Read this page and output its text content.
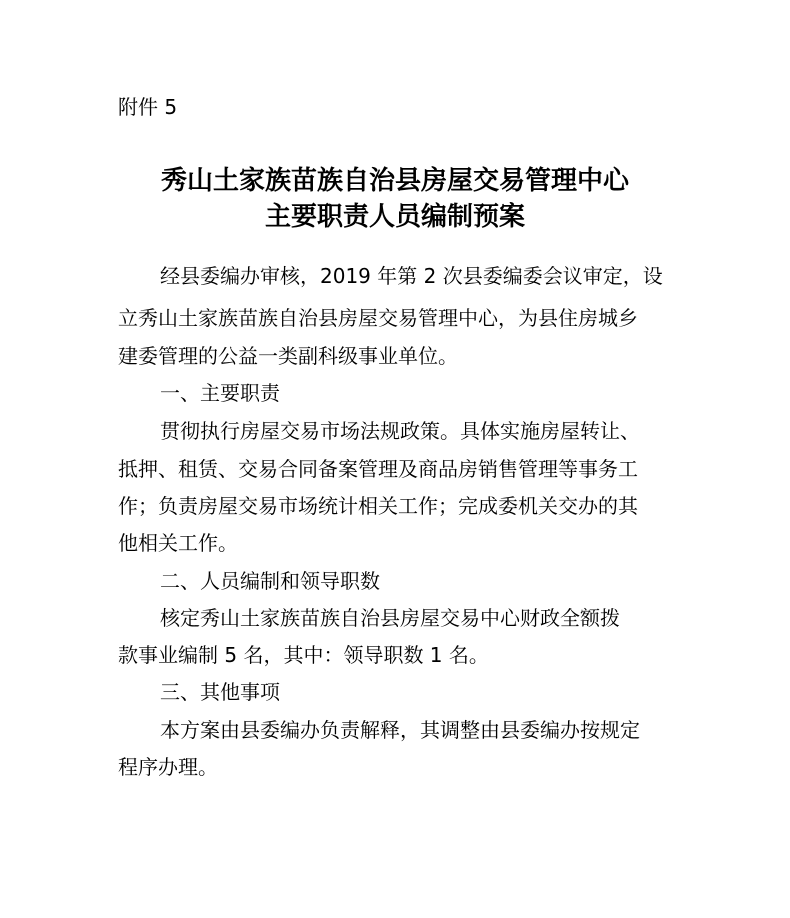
附件 5
秀山土家族苗族自治县房屋交易管理中心
主要职责人员编制预案
经县委编办审核，2019 年第 2 次县委编委会议审定，设
立秀山土家族苗族自治县房屋交易管理中心，为县住房城乡
建委管理的公益一类副科级事业单位。
一、主要职责
贯彻执行房屋交易市场法规政策。具体实施房屋转让、
抵押、租赁、交易合同备案管理及商品房销售管理等事务工
作；负责房屋交易市场统计相关工作；完成委机关交办的其
他相关工作。
二、人员编制和领导职数
核定秀山土家族苗族自治县房屋交易中心财政全额拨
款事业编制 5 名，其中：领导职数 1 名。
三、其他事项
本方案由县委编办负责解释，其调整由县委编办按规定
程序办理。
